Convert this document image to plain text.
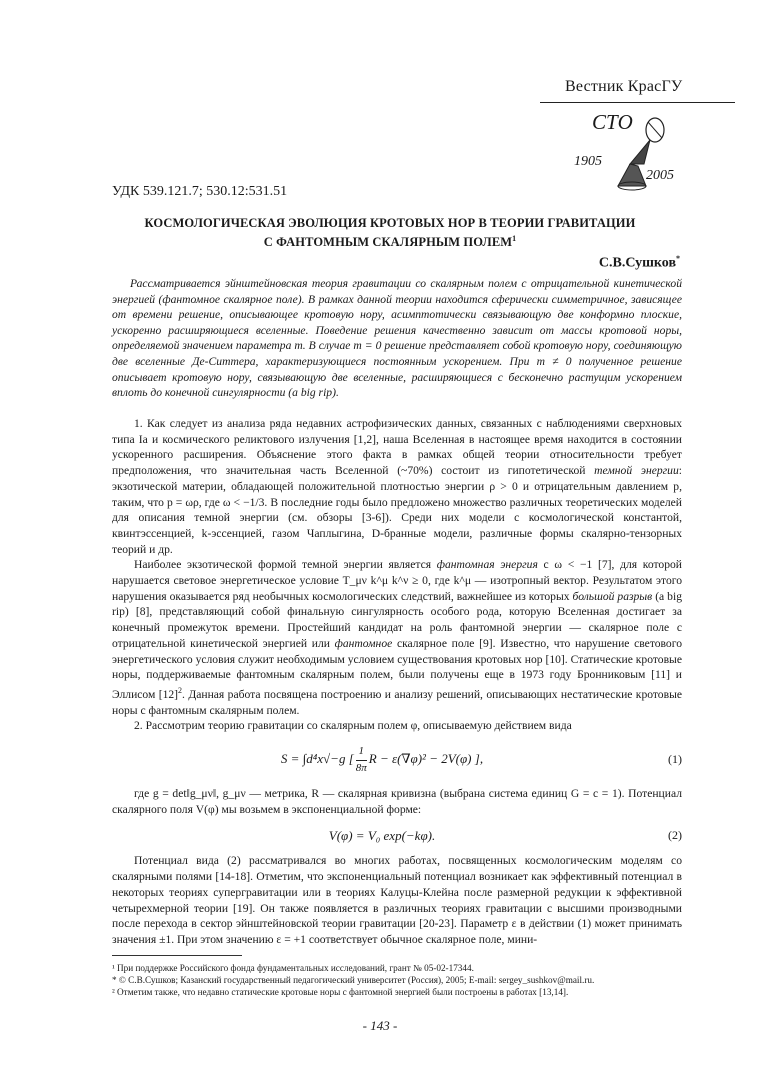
Вестник КрасГУ
СТО
1905
2005
УДК 539.121.7; 530.12:531.51
КОСМОЛОГИЧЕСКАЯ ЭВОЛЮЦИЯ КРОТОВЫХ НОР В ТЕОРИИ ГРАВИТАЦИИ
С ФАНТОМНЫМ СКАЛЯРНЫМ ПОЛЕМ$^1$
С.В.Сушков*

Рассматривается эйнштейновская теория гравитации со скалярным полем с отрицательной кинетической энергией (фантомное скалярное поле). В рамках данной теории находится сферически симметричное, зависящее от времени решение, описывающее кротовую нору, асимптотически связывающую две конформно плоские, ускоренно расширяющиеся вселенные. Поведение решения качественно зависит от массы кротовой норы, определяемой значением параметра m. В случае m = 0 решение представляет собой кротовую нору, соединяющую две вселенные Де-Ситтера, характеризующиеся постоянным ускорением. При m ≠ 0 полученное решение описывает кротовую нору, связывающую две вселенные, расширяющиеся с бесконечно растущим ускорением вплоть до конечной сингулярности (a big rip).

1. Как следует из анализа ряда недавних астрофизических данных, связанных с наблюдениями сверхновых типа Ia и космического реликтового излучения [1,2], наша Вселенная в настоящее время находится в состоянии ускоренного расширения. Объяснение этого факта в рамках общей теории относительности требует предположения, что значительная часть Вселенной (~70%) состоит из гипотетической темной энергии: экзотической материи, обладающей положительной плотностью энергии ρ > 0 и отрицательным давлением p, таким, что p = ωρ, где ω < −1/3. В последние годы было предложено множество различных теоретических моделей для описания темной энергии (см. обзоры [3-6]). Среди них модели с космологической константой, квинтэссенцией, k-эссенцией, газом Чаплыгина, D-бранные модели, различные формы скалярно-тензорных теорий и др.

Наиболее экзотической формой темной энергии является фантомная энергия с ω < −1 [7], для которой нарушается световое энергетическое условие T_μν k^μ k^ν ≥ 0, где k^μ — изотропный вектор. Результатом этого нарушения оказывается ряд необычных космологических следствий, важнейшее из которых большой разрыв (a big rip) [8], представляющий собой финальную сингулярность особого рода, которую Вселенная достигает за конечный промежуток времени. Простейший кандидат на роль фантомной энергии — скалярное поле с отрицательной кинетической энергией или фантомное скалярное поле [9]. Известно, что нарушение светового энергетического условия служит необходимым условием существования кротовых нор [10]. Статические кротовые норы, поддерживаемые фантомным скалярным полем, были получены еще в 1973 году Бронниковым [11] и Эллисом $[12]^2$. Данная работа посвящена построению и анализу решений, описывающих нестатические кротовые норы с фантомным скалярным полем.

2. Рассмотрим теорию гравитации со скалярным полем φ, описываемую действием вида

S = ∫d⁴x√−g [ $\frac{1}{8\pi}$ R − ε(∇φ)² − 2V(φ) ],	(1)

где g = det‖g_μν‖, g_μν — метрика, R — скалярная кривизна (выбрана система единиц G = c = 1). Потенциал скалярного поля V(φ) мы возьмем в экспоненциальной форме:

V(φ) = V₀ exp(−kφ).	(2)

Потенциал вида (2) рассматривался во многих работах, посвященных космологическим моделям со скалярными полями [14-18]. Отметим, что экспоненциальный потенциал возникает как эффективный потенциал в некоторых теориях супергравитации или в теориях Калуцы-Клейна после размерной редукции к эффективной четырехмерной теории [19]. Он также появляется в различных теориях гравитации с высшими производными после перехода в сектор эйнштейновской теории гравитации [20-23]. Параметр ε в действии (1) может принимать значения ±1. При этом значению ε = +1 соответствует обычное скалярное поле, мини-

¹ При поддержке Российского фонда фундаментальных исследований, грант № 05-02-17344.
* © С.В.Сушков; Казанский государственный педагогический университет (Россия), 2005; E-mail: sergey_sushkov@mail.ru.
² Отметим также, что недавно статические кротовые норы с фантомной энергией были построены в работах [13,14].
- 143 -
